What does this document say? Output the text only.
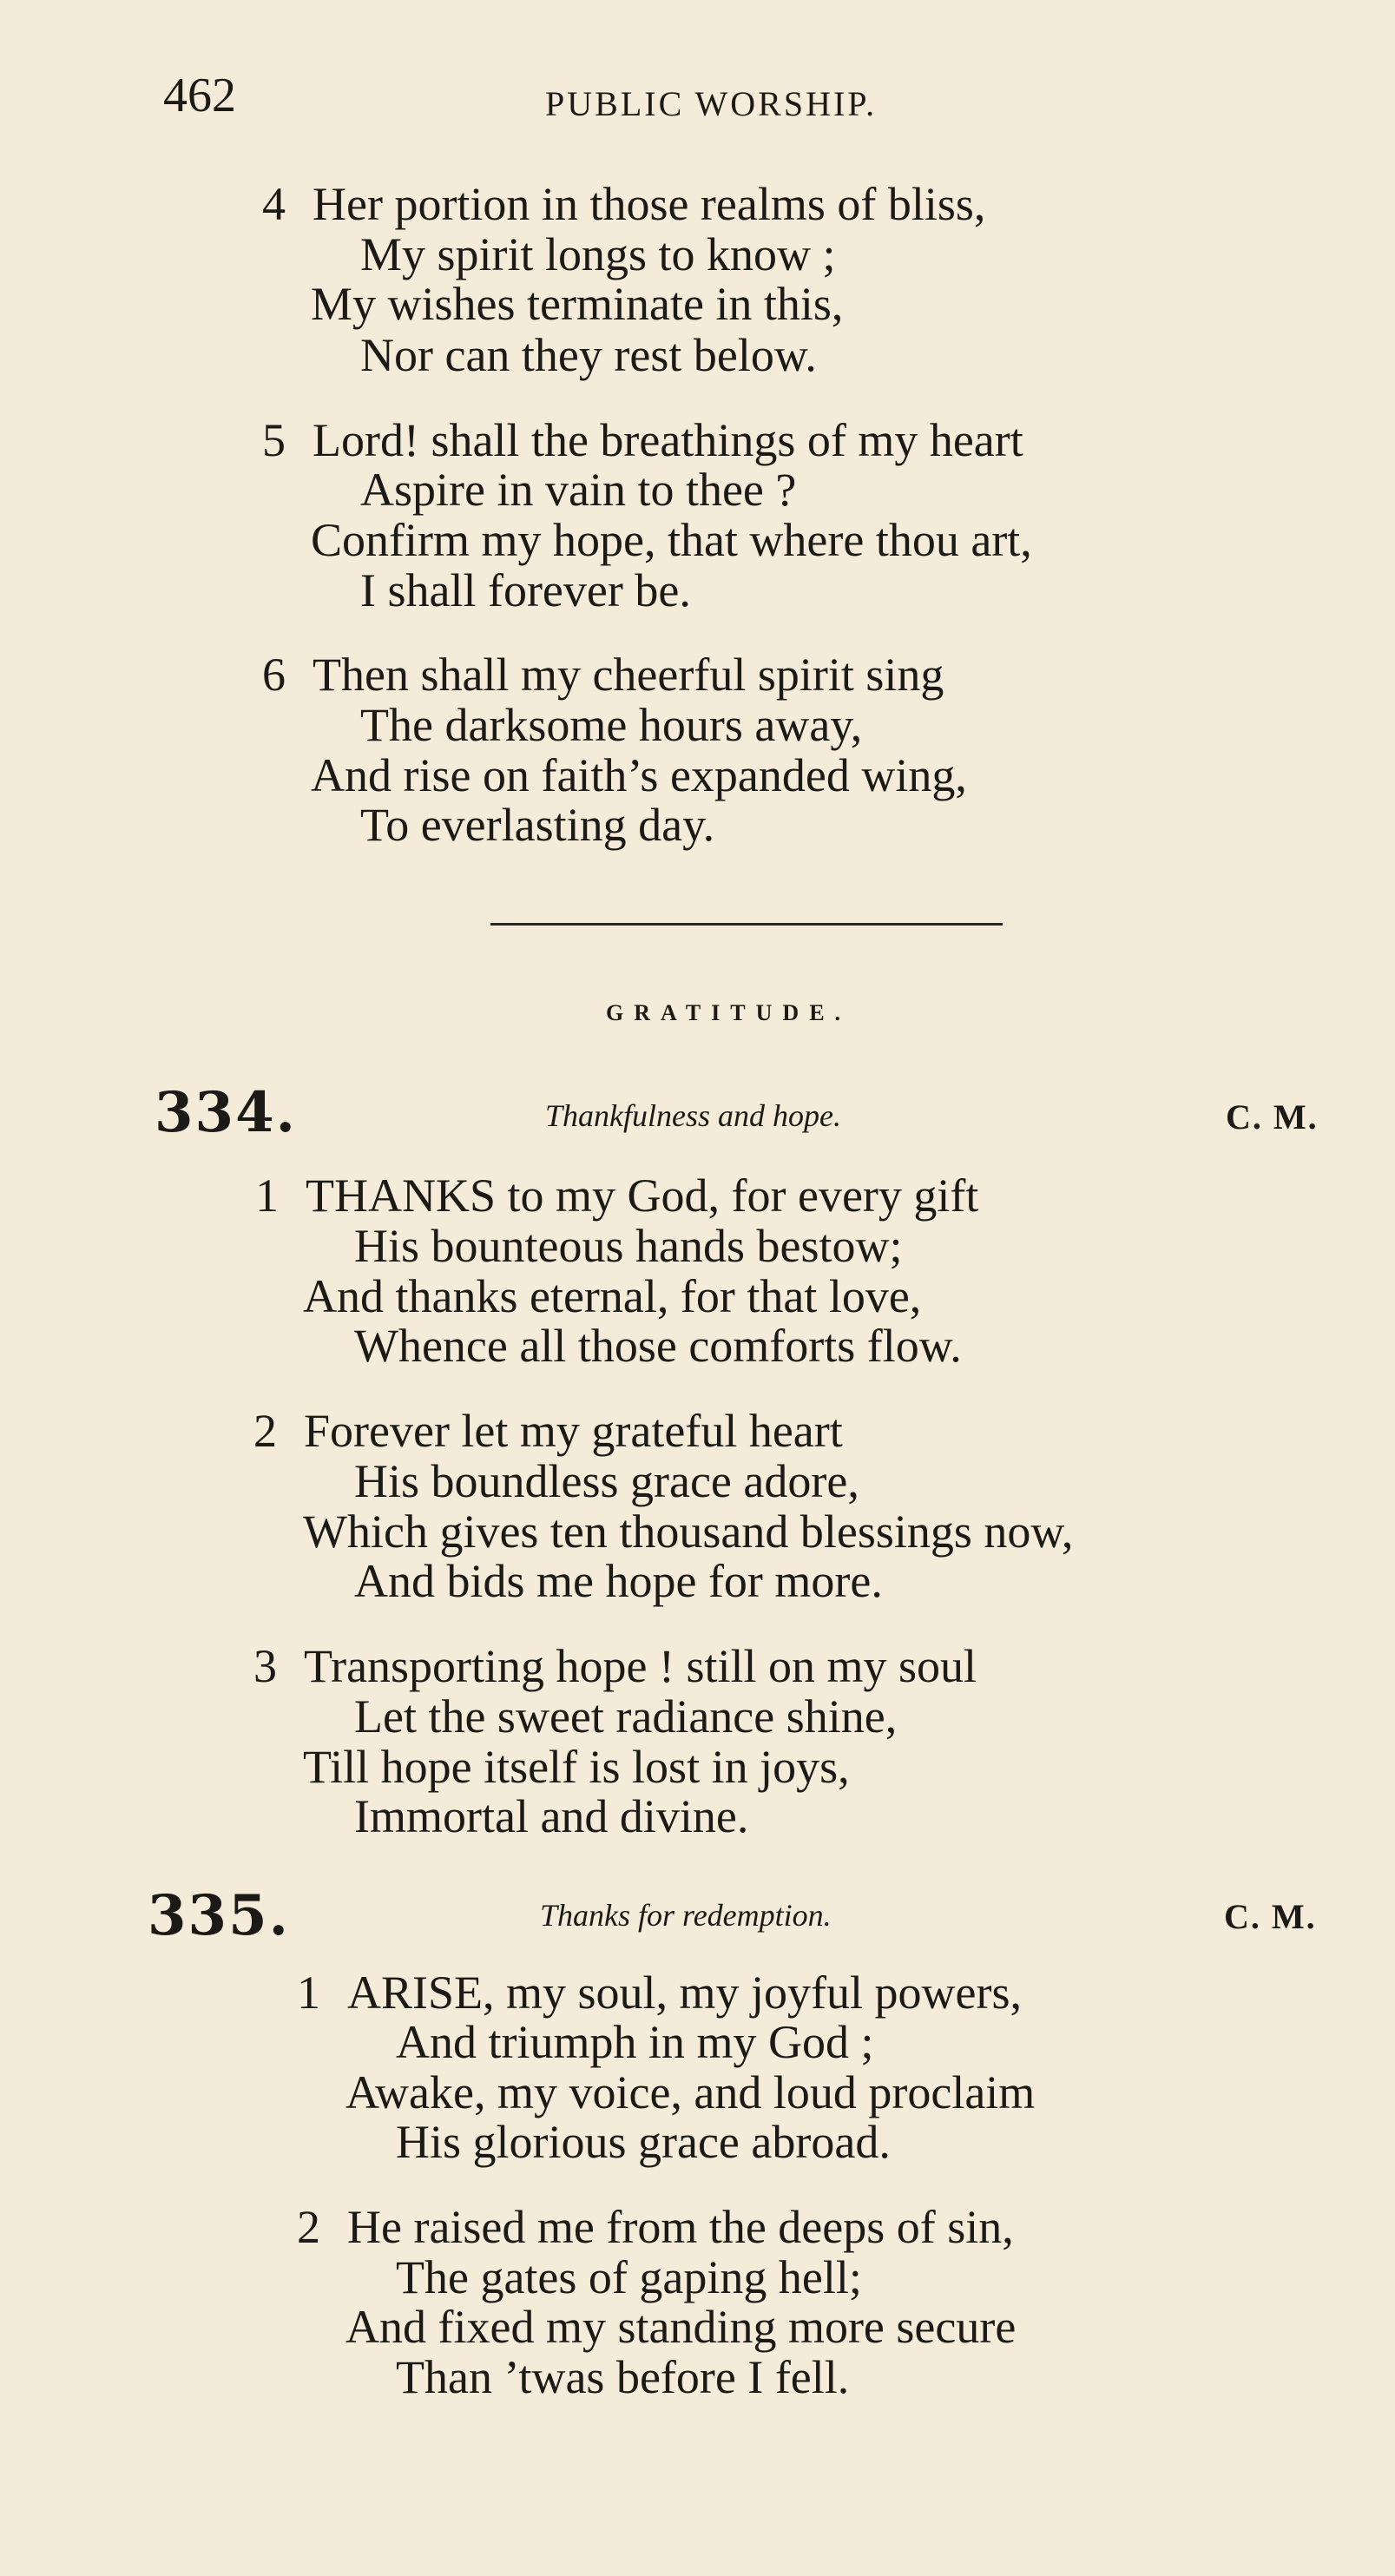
462	PUBLIC WORSHIP.
4 Her portion in those realms of bliss,
My spirit longs to know ;
My wishes terminate in this,
Nor can they rest below.
5 Lord! shall the breathings of my heart
Aspire in vain to thee ?
Confirm my hope, that where thou art,
I shall forever be.
6 Then shall my cheerful spirit sing
The darksome hours away,
And rise on faith’s expanded wing,
To everlasting day.
GRATITUDE.
334.	Thankfulness and hope.	C. M.
1 THANKS to my God, for every gift
His bounteous hands bestow;
And thanks eternal, for that love,
Whence all those comforts flow.
2 Forever let my grateful heart
His boundless grace adore,
Which gives ten thousand blessings now,
And bids me hope for more.
3 Transporting hope ! still on my soul
Let the sweet radiance shine,
Till hope itself is lost in joys,
Immortal and divine.
335.	Thanks for redemption.	C. M.
1 ARISE, my soul, my joyful powers,
And triumph in my God ;
Awake, my voice, and loud proclaim
His glorious grace abroad.
2 He raised me from the deeps of sin,
The gates of gaping hell;
And fixed my standing more secure
Than ’twas before I fell.
